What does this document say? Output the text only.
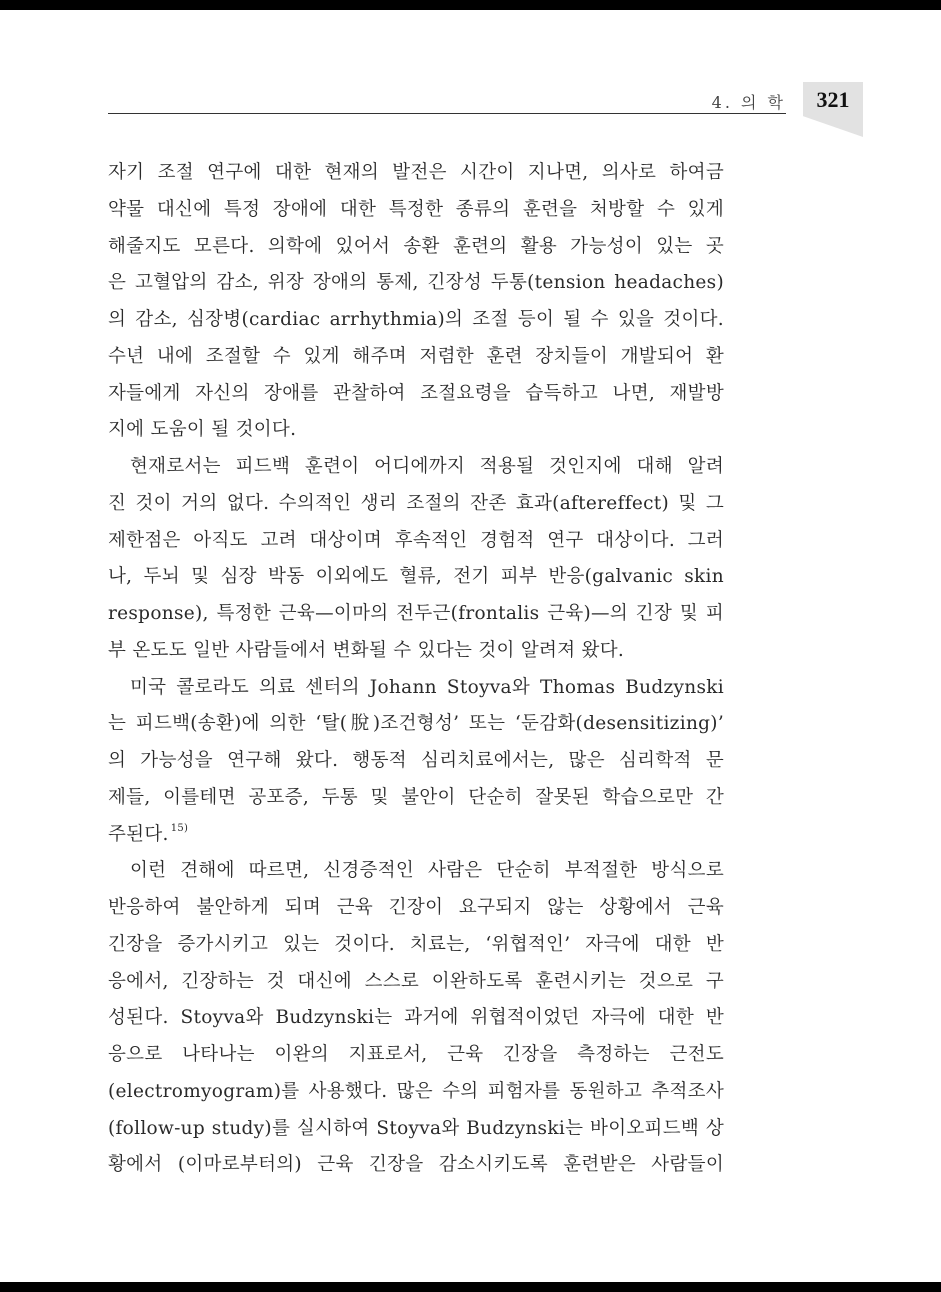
4. 의 학	321
자기 조절 연구에 대한 현재의 발전은 시간이 지나면, 의사로 하여금
약물 대신에 특정 장애에 대한 특정한 종류의 훈련을 처방할 수 있게
해줄지도 모른다. 의학에 있어서 송환 훈련의 활용 가능성이 있는 곳
은 고혈압의 감소, 위장 장애의 통제, 긴장성 두통(tension headaches)
의 감소, 심장병(cardiac arrhythmia)의 조절 등이 될 수 있을 것이다.
수년 내에 조절할 수 있게 해주며 저렴한 훈련 장치들이 개발되어 환
자들에게 자신의 장애를 관찰하여 조절요령을 습득하고 나면, 재발방
지에 도움이 될 것이다.
현재로서는 피드백 훈련이 어디에까지 적용될 것인지에 대해 알려
진 것이 거의 없다. 수의적인 생리 조절의 잔존 효과(aftereffect) 및 그
제한점은 아직도 고려 대상이며 후속적인 경험적 연구 대상이다. 그러
나, 두뇌 및 심장 박동 이외에도 혈류, 전기 피부 반응(galvanic skin
response), 특정한 근육—이마의 전두근(frontalis 근육)—의 긴장 및 피
부 온도도 일반 사람들에서 변화될 수 있다는 것이 알려져 왔다.
미국 콜로라도 의료 센터의 Johann Stoyva와 Thomas Budzynski
는 피드백(송환)에 의한 ‘탈(脫)조건형성’ 또는 ‘둔감화(desensitizing)’
의 가능성을 연구해 왔다. 행동적 심리치료에서는, 많은 심리학적 문
제들, 이를테면 공포증, 두통 및 불안이 단순히 잘못된 학습으로만 간
주된다. $^{15)}$
이런 견해에 따르면, 신경증적인 사람은 단순히 부적절한 방식으로
반응하여 불안하게 되며 근육 긴장이 요구되지 않는 상황에서 근육
긴장을 증가시키고 있는 것이다. 치료는, ‘위협적인’ 자극에 대한 반
응에서, 긴장하는 것 대신에 스스로 이완하도록 훈련시키는 것으로 구
성된다. Stoyva와 Budzynski는 과거에 위협적이었던 자극에 대한 반
응으로 나타나는 이완의 지표로서, 근육 긴장을 측정하는 근전도
(electromyogram)를 사용했다. 많은 수의 피험자를 동원하고 추적조사
(follow-up study)를 실시하여 Stoyva와 Budzynski는 바이오피드백 상
황에서 (이마로부터의) 근육 긴장을 감소시키도록 훈련받은 사람들이
